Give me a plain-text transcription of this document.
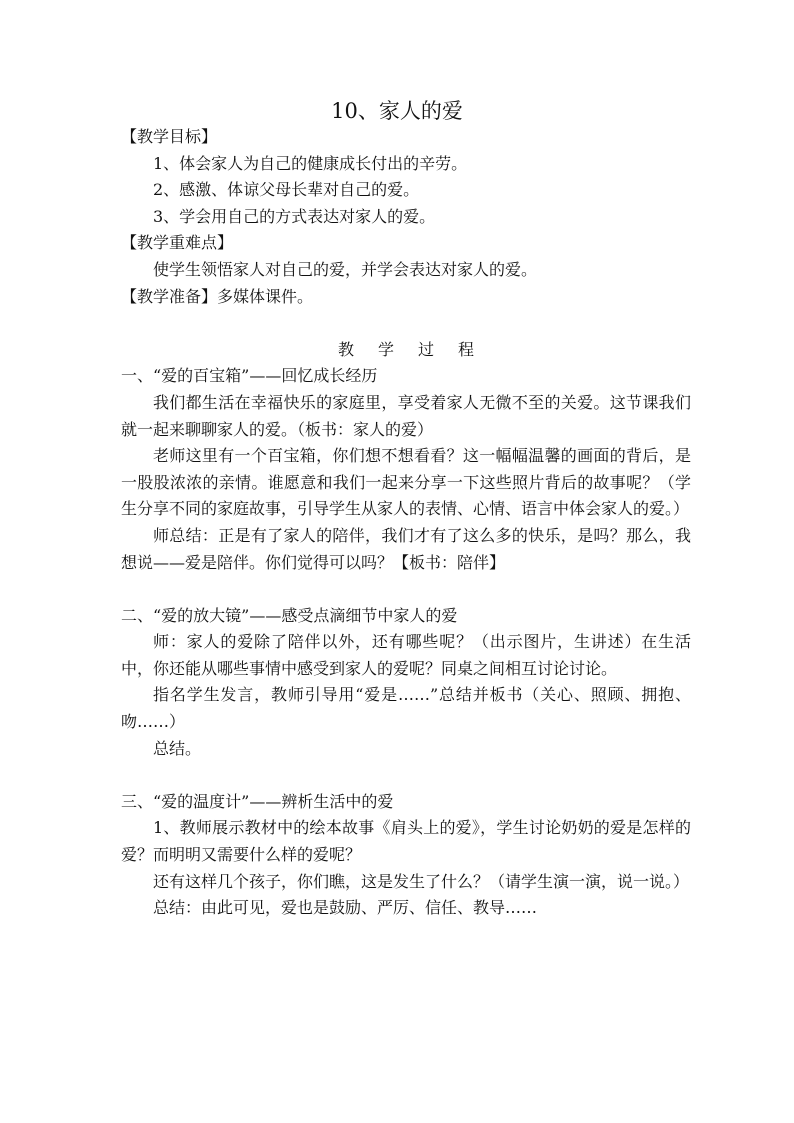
10、家人的爱

【教学目标】

1、体会家人为自己的健康成长付出的辛劳。

2、感激、体谅父母长辈对自己的爱。

3、学会用自己的方式表达对家人的爱。

【教学重难点】

使学生领悟家人对自己的爱，并学会表达对家人的爱。

【教学准备】多媒体课件。

教学过程

一、“爱的百宝箱”——回忆成长经历

我们都生活在幸福快乐的家庭里，享受着家人无微不至的关爱。这节课我们就一起来聊聊家人的爱。（板书：家人的爱）

老师这里有一个百宝箱，你们想不想看看？这一幅幅温馨的画面的背后，是一股股浓浓的亲情。谁愿意和我们一起来分享一下这些照片背后的故事呢？（学生分享不同的家庭故事，引导学生从家人的表情、心情、语言中体会家人的爱。）

师总结：正是有了家人的陪伴，我们才有了这么多的快乐，是吗？那么，我想说——爱是陪伴。你们觉得可以吗？【板书：陪伴】

二、“爱的放大镜”——感受点滴细节中家人的爱

师：家人的爱除了陪伴以外，还有哪些呢？（出示图片，生讲述）在生活中，你还能从哪些事情中感受到家人的爱呢？同桌之间相互讨论讨论。

指名学生发言，教师引导用“爱是……”总结并板书（关心、照顾、拥抱、吻……）

总结。

三、“爱的温度计”——辨析生活中的爱

1、教师展示教材中的绘本故事《肩头上的爱》，学生讨论奶奶的爱是怎样的爱？而明明又需要什么样的爱呢？

还有这样几个孩子，你们瞧，这是发生了什么？（请学生演一演，说一说。）

总结：由此可见，爱也是鼓励、严厉、信任、教导……
